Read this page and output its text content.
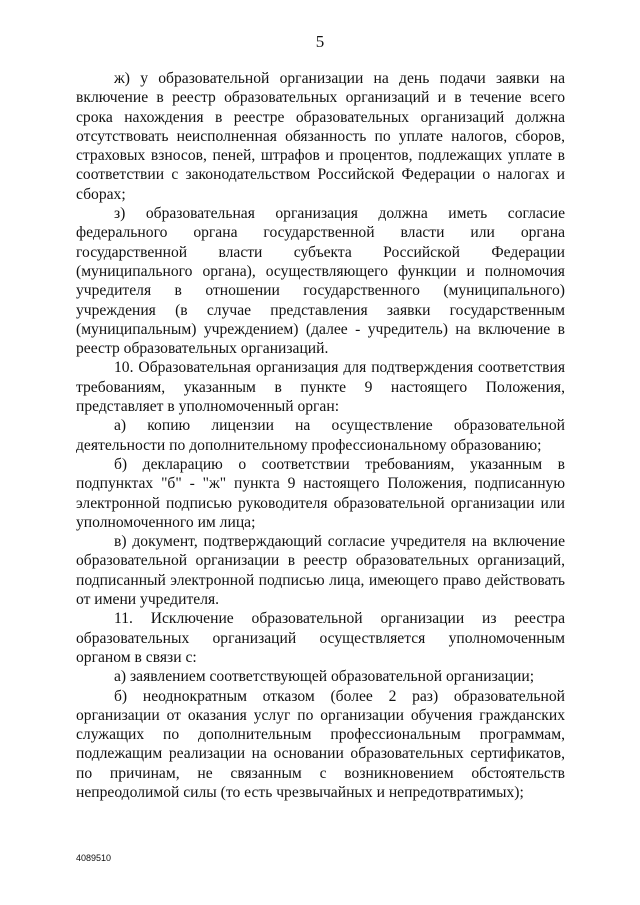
5

ж) у образовательной организации на день подачи заявки на включение в реестр образовательных организаций и в течение всего срока нахождения в реестре образовательных организаций должна отсутствовать неисполненная обязанность по уплате налогов, сборов, страховых взносов, пеней, штрафов и процентов, подлежащих уплате в соответствии с законодательством Российской Федерации о налогах и сборах;

з) образовательная организация должна иметь согласие федерального органа государственной власти или органа государственной власти субъекта Российской Федерации (муниципального органа), осуществляющего функции и полномочия учредителя в отношении государственного (муниципального) учреждения (в случае представления заявки государственным (муниципальным) учреждением) (далее - учредитель) на включение в реестр образовательных организаций.

10. Образовательная организация для подтверждения соответствия требованиям, указанным в пункте 9 настоящего Положения, представляет в уполномоченный орган:

а) копию лицензии на осуществление образовательной деятельности по дополнительному профессиональному образованию;

б) декларацию о соответствии требованиям, указанным в подпунктах "б" - "ж" пункта 9 настоящего Положения, подписанную электронной подписью руководителя образовательной организации или уполномоченного им лица;

в) документ, подтверждающий согласие учредителя на включение образовательной организации в реестр образовательных организаций, подписанный электронной подписью лица, имеющего право действовать от имени учредителя.

11. Исключение образовательной организации из реестра образовательных организаций осуществляется уполномоченным органом в связи с:

а) заявлением соответствующей образовательной организации;

б) неоднократным отказом (более 2 раз) образовательной организации от оказания услуг по организации обучения гражданских служащих по дополнительным профессиональным программам, подлежащим реализации на основании образовательных сертификатов, по причинам, не связанным с возникновением обстоятельств непреодолимой силы (то есть чрезвычайных и непредотвратимых);

4089510
